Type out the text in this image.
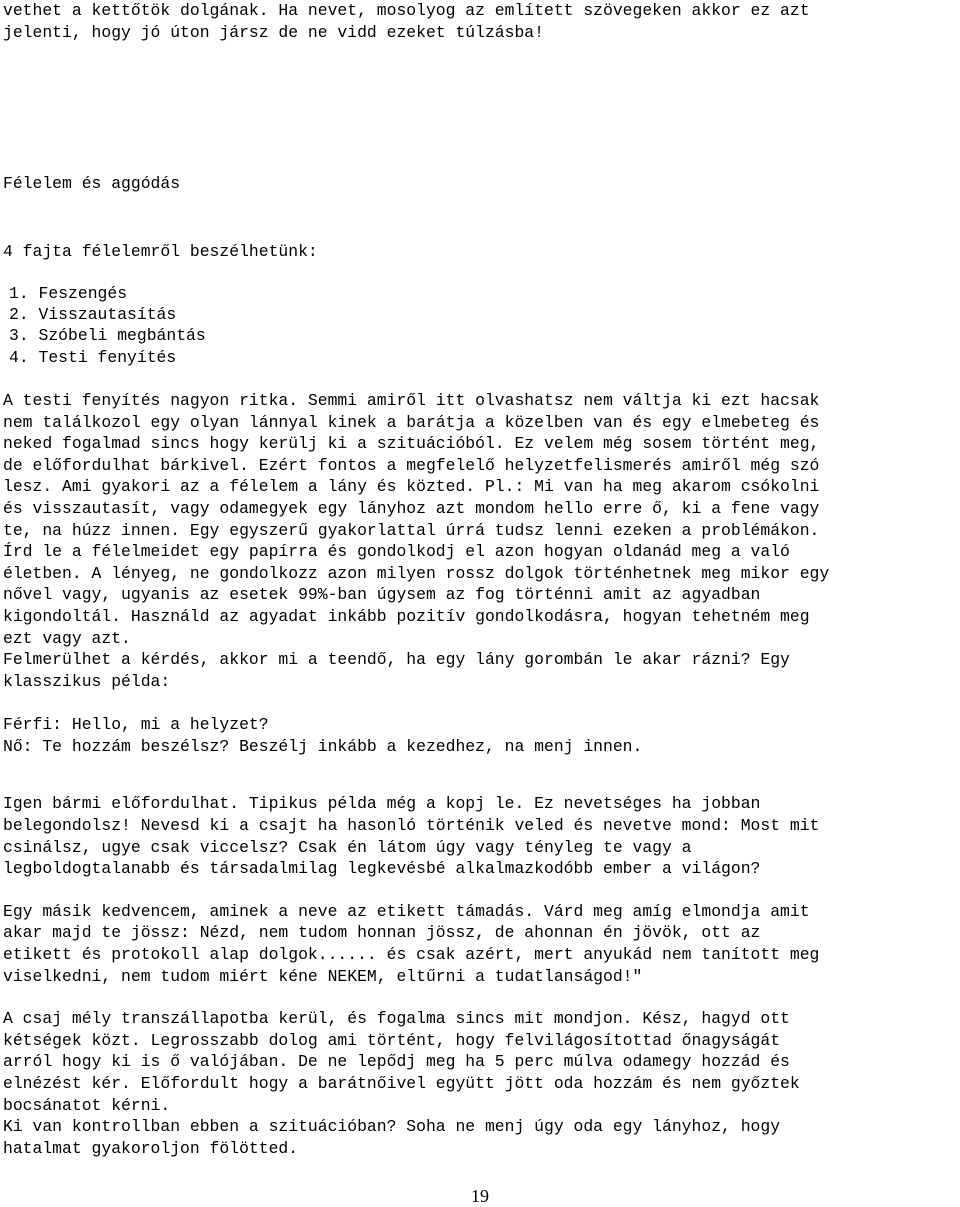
vethet a kettőtök dolgának. Ha nevet, mosolyog az említett szövegeken akkor ez azt
jelenti, hogy jó úton jársz de ne vidd ezeket túlzásba!
Félelem és aggódás
4 fajta félelemről beszélhetünk:
1. Feszengés
2. Visszautasítás
3. Szóbeli megbántás
4. Testi fenyítés
A testi fenyítés nagyon ritka. Semmi amiről itt olvashatsz nem váltja ki ezt hacsak
nem találkozol egy olyan lánnyal kinek a barátja a közelben van és egy elmebeteg és
neked fogalmad sincs hogy kerülj ki a szituációból. Ez velem még sosem történt meg,
de előfordulhat bárkivel. Ezért fontos a megfelelő helyzetfelismerés amiről még szó
lesz. Ami gyakori az a félelem a lány és közted. Pl.: Mi van ha meg akarom csókolni
és visszautasít, vagy odamegyek egy lányhoz azt mondom hello erre ő, ki a fene vagy
te, na húzz innen. Egy egyszerű gyakorlattal úrrá tudsz lenni ezeken a problémákon.
Írd le a félelmeidet egy papírra és gondolkodj el azon hogyan oldanád meg a való
életben. A lényeg, ne gondolkozz azon milyen rossz dolgok történhetnek meg mikor egy
nővel vagy, ugyanis az esetek 99%-ban úgysem az fog történni amit az agyadban
kigondoltál. Használd az agyadat inkább pozitív gondolkodásra, hogyan tehetném meg
ezt vagy azt.
Felmerülhet a kérdés, akkor mi a teendő, ha egy lány gorombán le akar rázni? Egy
klasszikus példa:
Férfi: Hello, mi a helyzet?
Nő: Te hozzám beszélsz? Beszélj inkább a kezedhez, na menj innen.
Igen bármi előfordulhat. Tipikus példa még a kopj le. Ez nevetséges ha jobban
belegondolsz! Nevesd ki a csajt ha hasonló történik veled és nevetve mond: Most mit
csinálsz, ugye csak viccelsz? Csak én látom úgy vagy tényleg te vagy a
legboldogtalanabb és társadalmilag legkevésbé alkalmazkodóbb ember a világon?
Egy másik kedvencem, aminek a neve az etikett támadás. Várd meg amíg elmondja amit
akar majd te jössz: Nézd, nem tudom honnan jössz, de ahonnan én jövök, ott az
etikett és protokoll alap dolgok...... és csak azért, mert anyukád nem tanított meg
viselkedni, nem tudom miért kéne NEKEM, eltűrni a tudatlanságod!"
A csaj mély transzállapotba kerül, és fogalma sincs mit mondjon. Kész, hagyd ott
kétségek közt. Legrosszabb dolog ami történt, hogy felvilágosítottad őnagyságát
arról hogy ki is ő valójában. De ne lepődj meg ha 5 perc múlva odamegy hozzád és
elnézést kér. Előfordult hogy a barátnőivel együtt jött oda hozzám és nem győztek
bocsánatot kérni.
Ki van kontrollban ebben a szituációban? Soha ne menj úgy oda egy lányhoz, hogy
hatalmat gyakoroljon fölötted.
19
